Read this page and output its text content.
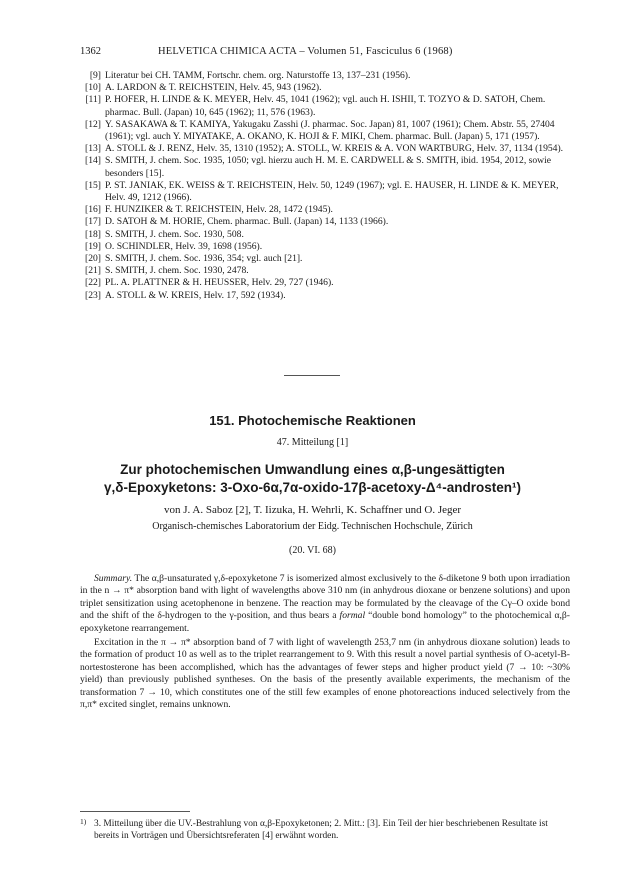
1362	HELVETICA CHIMICA ACTA – Volumen 51, Fasciculus 6 (1968)
[9] Literatur bei CH. TAMM, Fortschr. chem. org. Naturstoffe 13, 137–231 (1956).
[10] A. LARDON & T. REICHSTEIN, Helv. 45, 943 (1962).
[11] P. HOFER, H. LINDE & K. MEYER, Helv. 45, 1041 (1962); vgl. auch H. ISHII, T. TOZYO & D. SATOH, Chem. pharmac. Bull. (Japan) 10, 645 (1962); 11, 576 (1963).
[12] Y. SASAKAWA & T. KAMIYA, Yakugaku Zasshi (J. pharmac. Soc. Japan) 81, 1007 (1961); Chem. Abstr. 55, 27404 (1961); vgl. auch Y. MIYATAKE, A. OKANO, K. HOJI & F. MIKI, Chem. pharmac. Bull. (Japan) 5, 171 (1957).
[13] A. STOLL & J. RENZ, Helv. 35, 1310 (1952); A. STOLL, W. KREIS & A. VON WARTBURG, Helv. 37, 1134 (1954).
[14] S. SMITH, J. chem. Soc. 1935, 1050; vgl. hierzu auch H. M. E. CARDWELL & S. SMITH, ibid. 1954, 2012, sowie besonders [15].
[15] P. ST. JANIAK, EK. WEISS & T. REICHSTEIN, Helv. 50, 1249 (1967); vgl. E. HAUSER, H. LINDE & K. MEYER, Helv. 49, 1212 (1966).
[16] F. HUNZIKER & T. REICHSTEIN, Helv. 28, 1472 (1945).
[17] D. SATOH & M. HORIE, Chem. pharmac. Bull. (Japan) 14, 1133 (1966).
[18] S. SMITH, J. chem. Soc. 1930, 508.
[19] O. SCHINDLER, Helv. 39, 1698 (1956).
[20] S. SMITH, J. chem. Soc. 1936, 354; vgl. auch [21].
[21] S. SMITH, J. chem. Soc. 1930, 2478.
[22] PL. A. PLATTNER & H. HEUSSER, Helv. 29, 727 (1946).
[23] A. STOLL & W. KREIS, Helv. 17, 592 (1934).
151. Photochemische Reaktionen
47. Mitteilung [1]
Zur photochemischen Umwandlung eines α,β-ungesättigten
γ,δ-Epoxyketons: 3-Oxo-6α,7α-oxido-17β-acetoxy-Δ⁴-androsten¹)
von J. A. Saboz [2], T. Iizuka, H. Wehrli, K. Schaffner und O. Jeger
Organisch-chemisches Laboratorium der Eidg. Technischen Hochschule, Zürich
(20. VI. 68)

Summary. The α,β-unsaturated γ,δ-epoxyketone 7 is isomerized almost exclusively to the δ-diketone 9 both upon irradiation in the n → π* absorption band with light of wavelengths above 310 nm (in anhydrous dioxane or benzene solutions) and upon triplet sensitization using acetophenone in benzene. The reaction may be formulated by the cleavage of the Cγ–O oxide bond and the shift of the δ-hydrogen to the γ-position, and thus bears a formal “double bond homology” to the photochemical α,β-epoxyketone rearrangement.

Excitation in the π → π* absorption band of 7 with light of wavelength 253,7 nm (in anhydrous dioxane solution) leads to the formation of product 10 as well as to the triplet rearrangement to 9. With this result a novel partial synthesis of O-acetyl-B-nortestosterone has been accomplished, which has the advantages of fewer steps and higher product yield (7 → 10: ~30% yield) than previously published syntheses. On the basis of the presently available experiments, the mechanism of the transformation 7 → 10, which constitutes one of the still few examples of enone photoreactions induced selectively from the π,π* excited singlet, remains unknown.

1) 3. Mitteilung über die UV.-Bestrahlung von α,β-Epoxyketonen; 2. Mitt.: [3]. Ein Teil der hier beschriebenen Resultate ist bereits in Vorträgen und Übersichtsreferaten [4] erwähnt worden.
